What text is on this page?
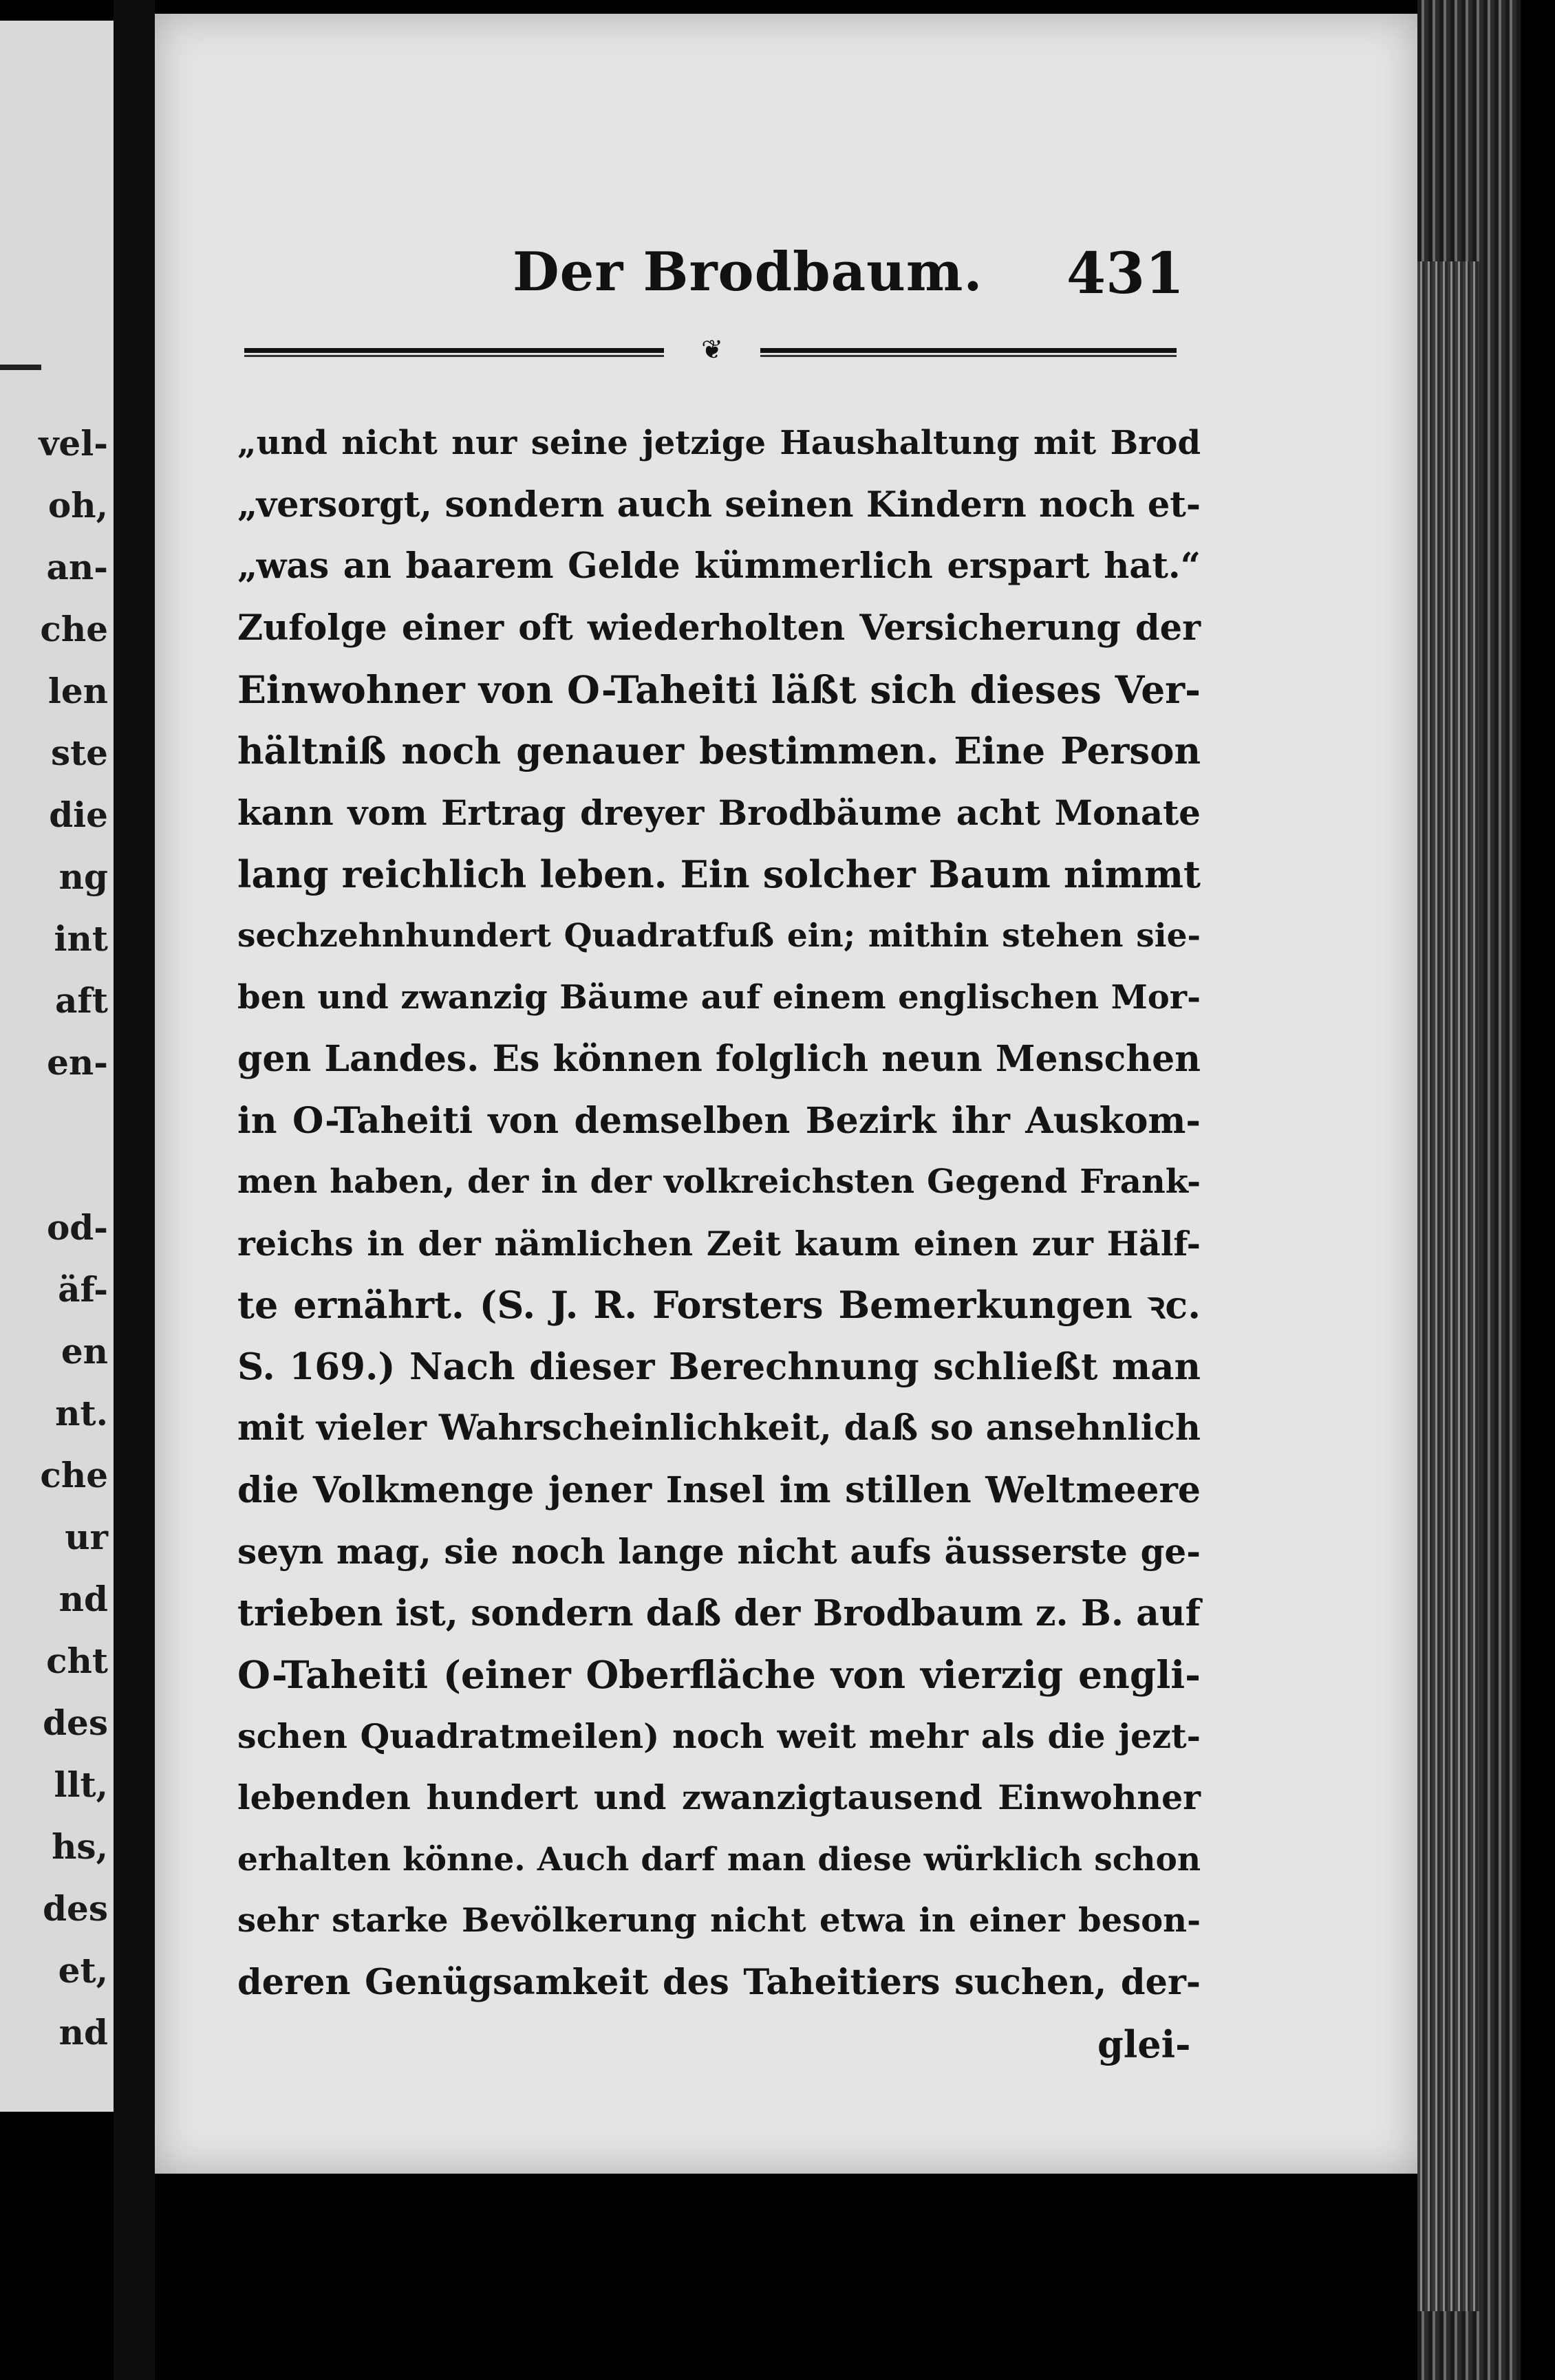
vel-
oh,
an-
che
len
ste
die
ng
int
aft
en-
od-
äf-
en
nt.
che
ur
nd
cht
des
llt,
hs,
des
et,
nd
Der Brodbaum. 431
❦
„und nicht nur seine jetzige Haushaltung mit Brod
„versorgt, sondern auch seinen Kindern noch et-
„was an baarem Gelde kümmerlich erspart hat.“
Zufolge einer oft wiederholten Versicherung der
Einwohner von O-Taheiti läßt sich dieses Ver-
hältniß noch genauer bestimmen. Eine Person
kann vom Ertrag dreyer Brodbäume acht Monate
lang reichlich leben. Ein solcher Baum nimmt
sechzehnhundert Quadratfuß ein; mithin stehen sie-
ben und zwanzig Bäume auf einem englischen Mor-
gen Landes. Es können folglich neun Menschen
in O-Taheiti von demselben Bezirk ihr Auskom-
men haben, der in der volkreichsten Gegend Frank-
reichs in der nämlichen Zeit kaum einen zur Hälf-
te ernährt. (S. J. R. Forsters Bemerkungen ꝛc.
S. 169.) Nach dieser Berechnung schließt man
mit vieler Wahrscheinlichkeit, daß so ansehnlich
die Volkmenge jener Insel im stillen Weltmeere
seyn mag, sie noch lange nicht aufs äusserste ge-
trieben ist, sondern daß der Brodbaum z. B. auf
O-Taheiti (einer Oberfläche von vierzig engli-
schen Quadratmeilen) noch weit mehr als die jezt-
lebenden hundert und zwanzigtausend Einwohner
erhalten könne. Auch darf man diese würklich schon
sehr starke Bevölkerung nicht etwa in einer beson-
deren Genügsamkeit des Taheitiers suchen, der-
glei-
